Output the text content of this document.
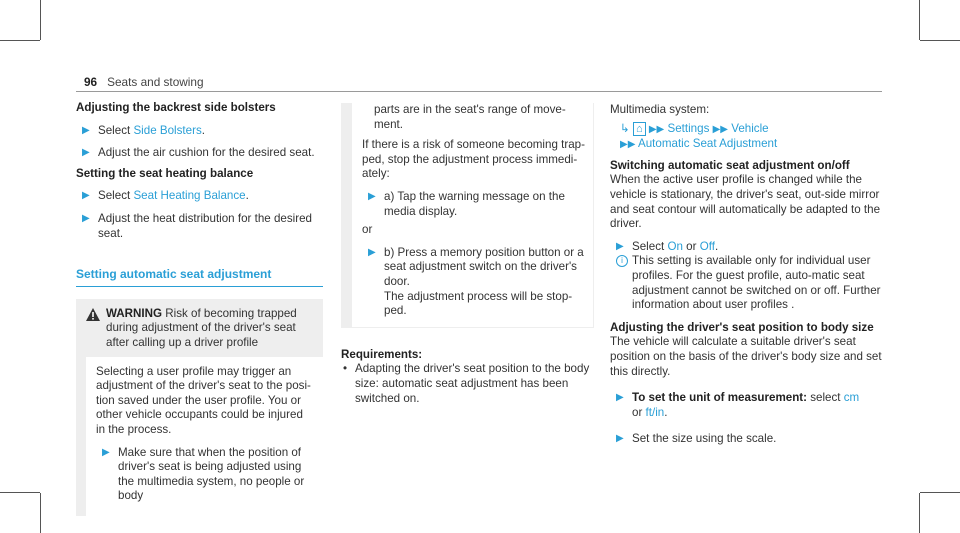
96 Seats and stowing

Adjusting the backrest side bolsters

▶ Select Side Bolsters.
▶ Adjust the air cushion for the desired seat.

Setting the seat heating balance

▶ Select Seat Heating Balance.
▶ Adjust the heat distribution for the desired seat.
Setting automatic seat adjustment
WARNING Risk of becoming trapped during adjustment of the driver's seat after calling up a driver profile

Selecting a user profile may trigger an adjustment of the driver's seat to the posi-tion saved under the user profile. You or other vehicle occupants could be injured in the process.

▶ Make sure that when the position of driver's seat is being adjusted using the multimedia system, no people or body

parts are in the seat's range of move-ment.

If there is a risk of someone becoming trap-ped, stop the adjustment process immedi-ately:

▶ a) Tap the warning message on the media display.

or

▶ b) Press a memory position button or a seat adjustment switch on the driver's door.
The adjustment process will be stop-ped.

Requirements:

• Adapting the driver's seat position to the body size: automatic seat adjustment has been switched on.

Multimedia system:

↳ ⌂ ▶▶ Settings ▶▶ Vehicle
▶▶ Automatic Seat Adjustment

Switching automatic seat adjustment on/off

When the active user profile is changed while the vehicle is stationary, the driver's seat, out-side mirror and seat contour will automatically be adapted to the driver.

▶ Select On or Off.
i This setting is available only for individual user profiles. For the guest profile, auto-matic seat adjustment cannot be switched on or off. Further information about user profiles .

Adjusting the driver's seat position to body size

The vehicle will calculate a suitable driver's seat position on the basis of the driver's body size and set this directly.

▶ To set the unit of measurement: select cm
or ft/in.
▶ Set the size using the scale.
